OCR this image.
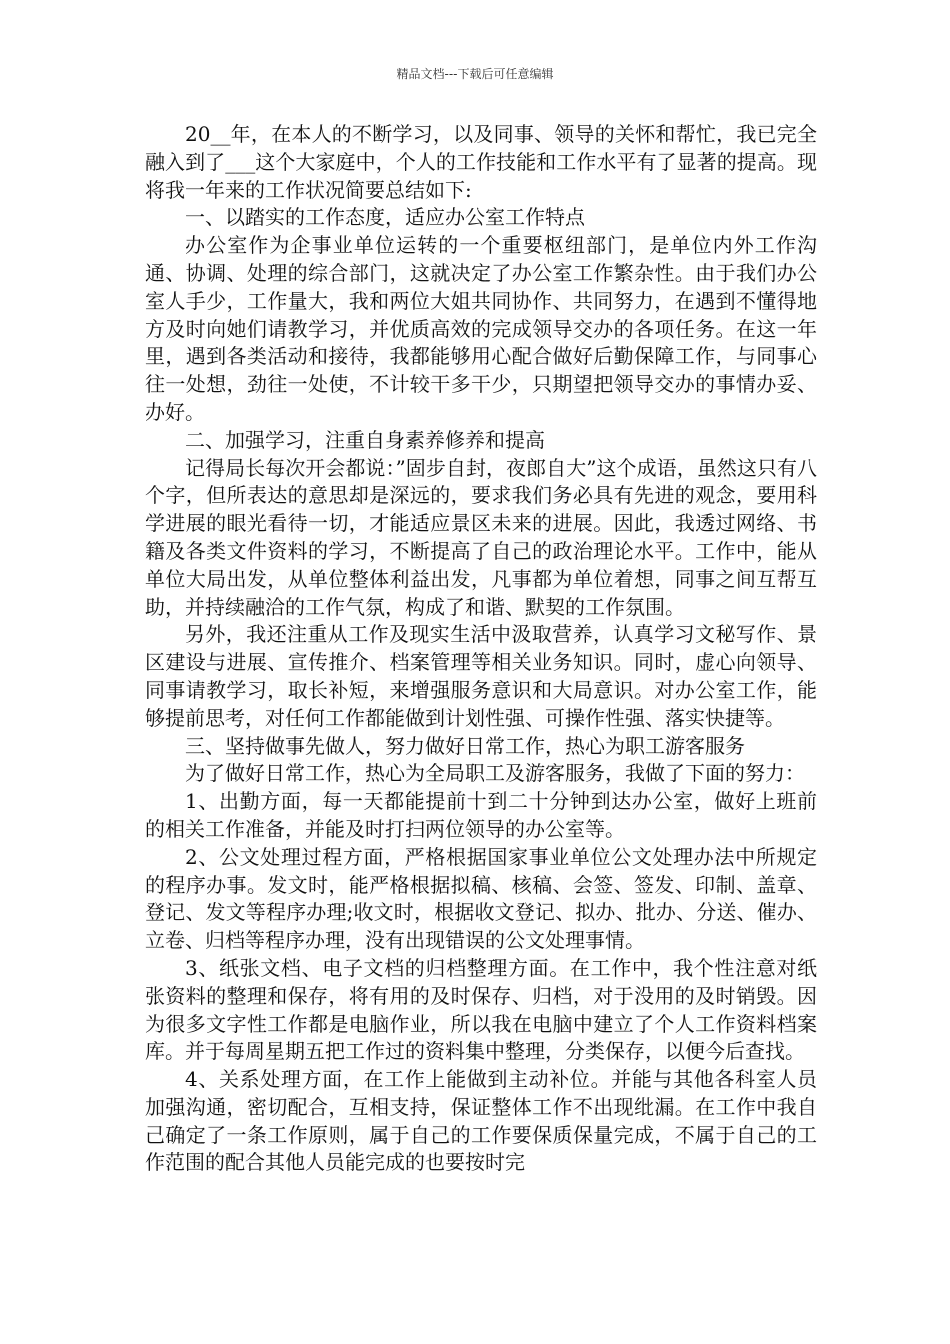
精品文档---下载后可任意编辑

20__年，在本人的不断学习，以及同事、领导的关怀和帮忙，我已完全融入到了___这个大家庭中，个人的工作技能和工作水平有了显著的提高。现将我一年来的工作状况简要总结如下:

一、以踏实的工作态度，适应办公室工作特点

办公室作为企事业单位运转的一个重要枢纽部门，是单位内外工作沟通、协调、处理的综合部门，这就决定了办公室工作繁杂性。由于我们办公室人手少，工作量大，我和两位大姐共同协作、共同努力，在遇到不懂得地方及时向她们请教学习，并优质高效的完成领导交办的各项任务。在这一年里，遇到各类活动和接待，我都能够用心配合做好后勤保障工作，与同事心往一处想，劲往一处使，不计较干多干少，只期望把领导交办的事情办妥、办好。

二、加强学习，注重自身素养修养和提高

记得局长每次开会都说：”固步自封，夜郎自大”这个成语，虽然这只有八个字，但所表达的意思却是深远的，要求我们务必具有先进的观念，要用科学进展的眼光看待一切，才能适应景区未来的进展。因此，我透过网络、书籍及各类文件资料的学习，不断提高了自己的政治理论水平。工作中，能从单位大局出发，从单位整体利益出发，凡事都为单位着想，同事之间互帮互助，并持续融洽的工作气氛，构成了和谐、默契的工作氛围。

另外，我还注重从工作及现实生活中汲取营养，认真学习文秘写作、景区建设与进展、宣传推介、档案管理等相关业务知识。同时，虚心向领导、同事请教学习，取长补短，来增强服务意识和大局意识。对办公室工作，能够提前思考，对任何工作都能做到计划性强、可操作性强、落实快捷等。

三、坚持做事先做人，努力做好日常工作，热心为职工游客服务

为了做好日常工作，热心为全局职工及游客服务，我做了下面的努力：

1、出勤方面，每一天都能提前十到二十分钟到达办公室，做好上班前的相关工作准备，并能及时打扫两位领导的办公室等。

2、公文处理过程方面，严格根据国家事业单位公文处理办法中所规定的程序办事。发文时，能严格根据拟稿、核稿、会签、签发、印制、盖章、登记、发文等程序办理;收文时，根据收文登记、拟办、批办、分送、催办、立卷、归档等程序办理，没有出现错误的公文处理事情。

3、纸张文档、电子文档的归档整理方面。在工作中，我个性注意对纸张资料的整理和保存，将有用的及时保存、归档，对于没用的及时销毁。因为很多文字性工作都是电脑作业，所以我在电脑中建立了个人工作资料档案库。并于每周星期五把工作过的资料集中整理，分类保存，以便今后查找。

4、关系处理方面，在工作上能做到主动补位。并能与其他各科室人员加强沟通，密切配合，互相支持，保证整体工作不出现纰漏。在工作中我自己确定了一条工作原则，属于自己的工作要保质保量完成，不属于自己的工作范围的配合其他人员能完成的也要按时完
